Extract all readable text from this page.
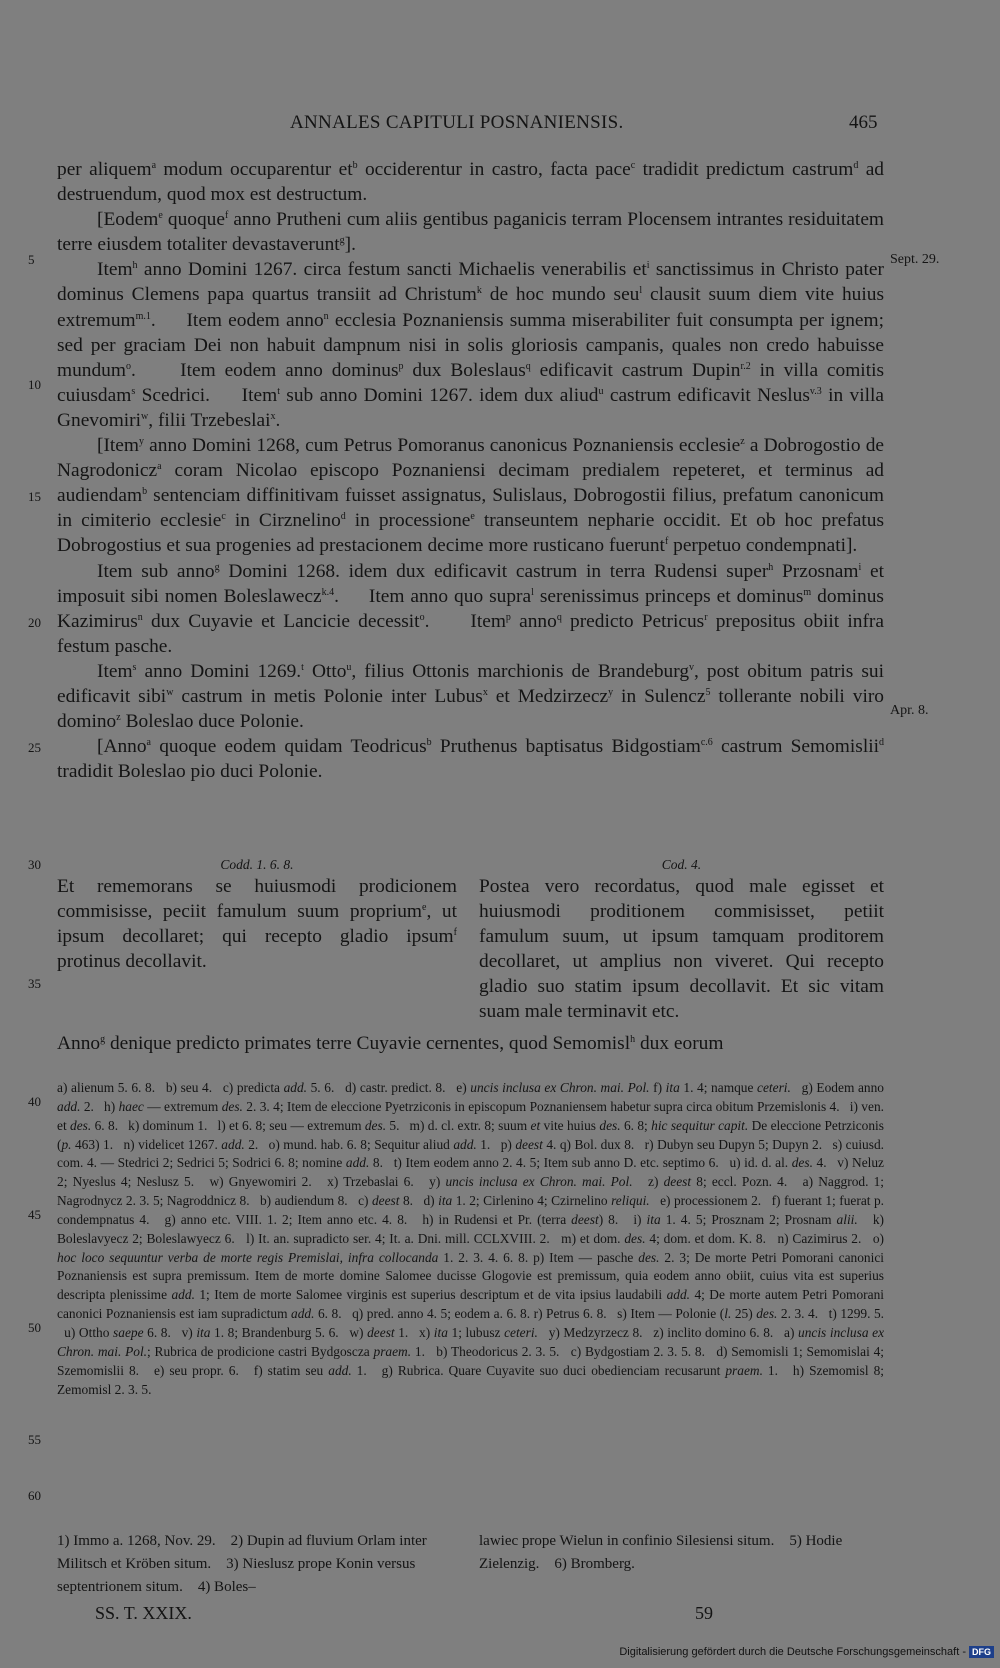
ANNALES CAPITULI POSNANIENSIS.	465

per aliquem$^a$ modum occuparentur $et^b$ occiderentur in castro, facta pace$^c$ tradidit predictum castrum$^d$ ad destruendum, quod mox est destructum.

[Eodem$^e$ quoque$^f$ anno Prutheni cum aliis gentibus paganicis terram Plocensem intrantes residuitatem terre eiusdem totaliter devastaverunt$^g$].

Item$^h$ anno Domini 1267. circa festum sancti Michaelis venerabilis $et^i$ sanctissimus in Christo pater dominus Clemens papa quartus transiit ad Christum$^k$ de hoc mundo seu$^l$ clausit suum diem vite huius extremum$^{m.1}$.     Item eodem anno$^n$ ecclesia Poznaniensis summa miserabiliter fuit consumpta per ignem; sed per graciam Dei non habuit dampnum nisi in solis gloriosis campanis, quales non credo habuisse mundum$^o$.     Item eodem anno dominus$^p$ dux Boleslaus$^q$ edificavit castrum Dupin$^{r.2}$ in villa comitis cuiusdam$^s$ Scedrici.     Item$^t$ sub anno Domini 1267. idem dux aliud$^u$ castrum edificavit Neslus$^{v.3}$ in villa Gnevomiri$^w$, filii Trzebeslai$^x$.

[Item$^y$ anno Domini 1268, cum Petrus Pomoranus canonicus Poznaniensis ecclesie$^z$ a Dobrogostio de Nagrodonicz$^a$ coram Nicolao episcopo Poznaniensi decimam predialem repeteret, et terminus ad audiendam$^b$ sentenciam diffinitivam fuisset assignatus, Sulislaus, Dobrogostii filius, prefatum canonicum in cimiterio ecclesie$^c$ in Cirznelino$^d$ in processione$^e$ transeuntem nepharie occidit. Et ob hoc prefatus Dobrogostius et sua progenies ad prestacionem decime more rusticano fuerunt$^f$ perpetuo condempnati].

Item sub anno$^g$ Domini 1268. idem dux edificavit castrum in terra Rudensi super$^h$ Przosnam$^i$ et imposuit sibi nomen Boleslawecz$^{k.4}$.     Item anno quo supra$^l$ serenissimus princeps et dominus$^m$ dominus Kazimirus$^n$ dux Cuyavie et Lancicie decessit$^o$.     Item$^p$ anno$^q$ predicto Petricus$^r$ prepositus obiit infra festum pasche.

Item$^s$ anno Domini 1269.$^t$ Otto$^u$, filius Ottonis marchionis de Brandeburg$^v$, post obitum patris sui edificavit sibi$^w$ castrum in metis Polonie inter Lubus$^x$ et Medzirzecz$^y$ in Sulencz$^5$ tollerante nobili viro domino$^z$ Boleslao duce Polonie.

[Anno$^a$ quoque eodem quidam Teodricus$^b$ Pruthenus baptisatus Bidgostiam$^{c.6}$ castrum Semomislii$^d$ tradidit Boleslao pio duci Polonie.

5
10
15
20
25
30
35
40
45
50
55
60
Sept. 29.
Apr. 8.
Codd. 1. 6. 8.

Et rememorans se huiusmodi prodicionem commisisse, peciit famulum suum proprium$^e$, ut ipsum decollaret; qui recepto gladio ipsum$^f$ protinus decollavit.

Cod. 4.

Postea vero recordatus, quod male egisset et huiusmodi proditionem commisisset, petiit famulum suum, ut ipsum tamquam proditorem decollaret, ut amplius non viveret. Qui recepto gladio suo statim ipsum decollavit. Et sic vitam suam male terminavit etc.

Anno$^g$ denique predicto primates terre Cuyavie cernentes, quod Semomisl$^h$ dux eorum

a) alienum 5. 6. 8.   b) seu 4.   c) predicta add. 5. 6.   d) castr. predict. 8.   e) uncis inclusa ex Chron. mai. Pol. f) ita 1. 4; namque ceteri.   g) Eodem anno add. 2.   h) haec — extremum des. 2. 3. 4; Item de eleccione Pyetrziconis in episcopum Poznaniensem habetur supra circa obitum Przemislonis 4.   i) ven. et des. 6. 8.   k) dominum 1.   l) et 6. 8; seu — extremum des. 5.   m) d. cl. extr. 8; suum et vite huius des. 6. 8; hic sequitur capit. De eleccione Petrziconis (p. 463) 1.   n) videlicet 1267. add. 2.   o) mund. hab. 6. 8; Sequitur aliud add. 1.   p) deest 4. q) Bol. dux 8.   r) Dubyn seu Dupyn 5; Dupyn 2.   s) cuiusd. com. 4. — Stedrici 2; Sedrici 5; Sodrici 6. 8; nomine add. 8.   t) Item eodem anno 2. 4. 5; Item sub anno D. etc. septimo 6.   u) id. d. al. des. 4.   v) Neluz 2; Nyeslus 4; Neslusz 5.   w) Gnyewomiri 2.   x) Trzebaslai 6.   y) uncis inclusa ex Chron. mai. Pol.   z) deest 8; eccl. Pozn. 4.   a) Naggrod. 1; Nagrodnycz 2. 3. 5; Nagroddnicz 8.   b) audiendum 8.   c) deest 8.   d) ita 1. 2; Cirlenino 4; Czirnelino reliqui.   e) processionem 2.   f) fuerant 1; fuerat p. condempnatus 4.   g) anno etc. VIII. 1. 2; Item anno etc. 4. 8.   h) in Rudensi et Pr. (terra deest) 8.   i) ita 1. 4. 5; Prosznam 2; Prosnam alii.   k) Boleslavyecz 2; Boleslawyecz 6.   l) It. an. supradicto ser. 4; It. a. Dni. mill. CCLXVIII. 2.   m) et dom. des. 4; dom. et dom. K. 8.   n) Cazimirus 2.   o) hoc loco sequuntur verba de morte regis Premislai, infra collocanda 1. 2. 3. 4. 6. 8. p) Item — pasche des. 2. 3; De morte Petri Pomorani canonici Poznaniensis est supra premissum. Item de morte domine Salomee ducisse Glogovie est premissum, quia eodem anno obiit, cuius vita est superius descripta plenissime add. 1; Item de morte Salomee virginis est superius descriptum et de vita ipsius laudabili add. 4; De morte autem Petri Pomorani canonici Poznaniensis est iam supradictum add. 6. 8.   q) pred. anno 4. 5; eodem a. 6. 8. r) Petrus 6. 8.   s) Item — Polonie (l. 25) des. 2. 3. 4.   t) 1299. 5.   u) Ottho saepe 6. 8.   v) ita 1. 8; Brandenburg 5. 6.   w) deest 1.   x) ita 1; lubusz ceteri.   y) Medzyrzecz 8.   z) inclito domino 6. 8.   a) uncis inclusa ex Chron. mai. Pol.; Rubrica de prodicione castri Bydgoscza praem. 1.   b) Theodoricus 2. 3. 5.   c) Bydgostiam 2. 3. 5. 8.   d) Semomisli 1; Semomislai 4; Szemomislii 8.   e) seu propr. 6.   f) statim seu add. 1.   g) Rubrica. Quare Cuyavite suo duci obedienciam recusarunt praem. 1.   h) Szemomisl 8; Zemomisl 2. 3. 5.

1) Immo a. 1268, Nov. 29.    2) Dupin ad fluvium Orlam inter Militsch et Kröben situm.    3) Nieslusz prope Konin versus septentrionem situm.    4) Boles–
lawiec prope Wielun in confinio Silesiensi situm.    5) Hodie Zielenzig.    6) Bromberg.
SS. T. XXIX.	59
Digitalisierung gefördert durch die Deutsche Forschungsgemeinschaft - DFG
